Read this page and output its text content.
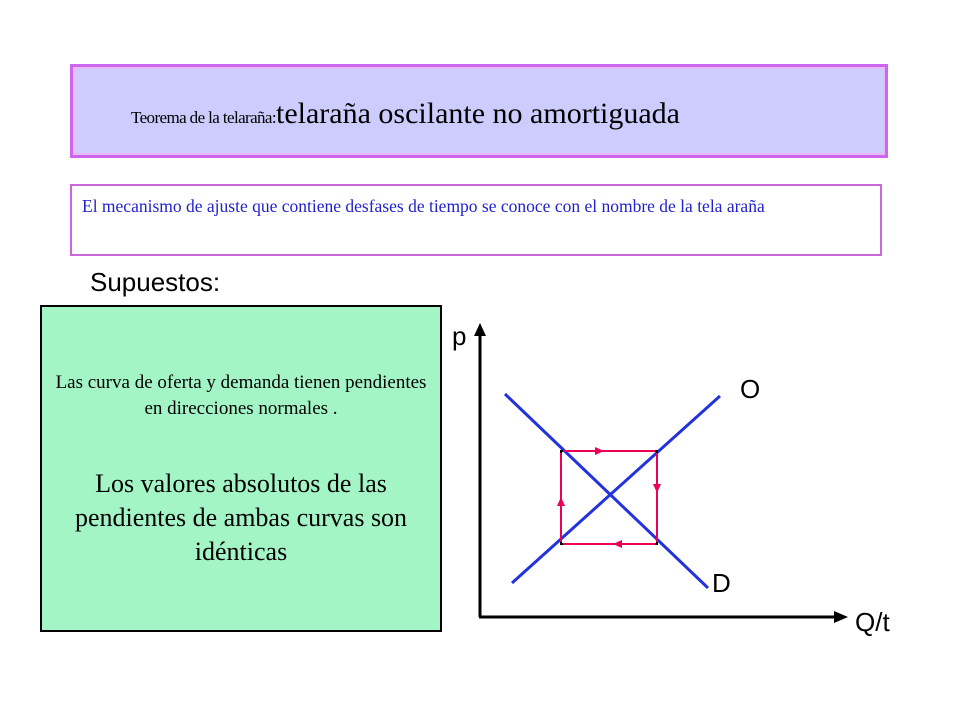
Teorema de la telaraña:telaraña oscilante no amortiguada
El mecanismo de ajuste que contiene desfases de tiempo se conoce con el nombre de la tela araña
Supuestos:
Las curva de oferta y demanda tienen pendientes en direcciones normales .
Los valores absolutos de las pendientes de ambas curvas son idénticas
p
Q/t
O
D
